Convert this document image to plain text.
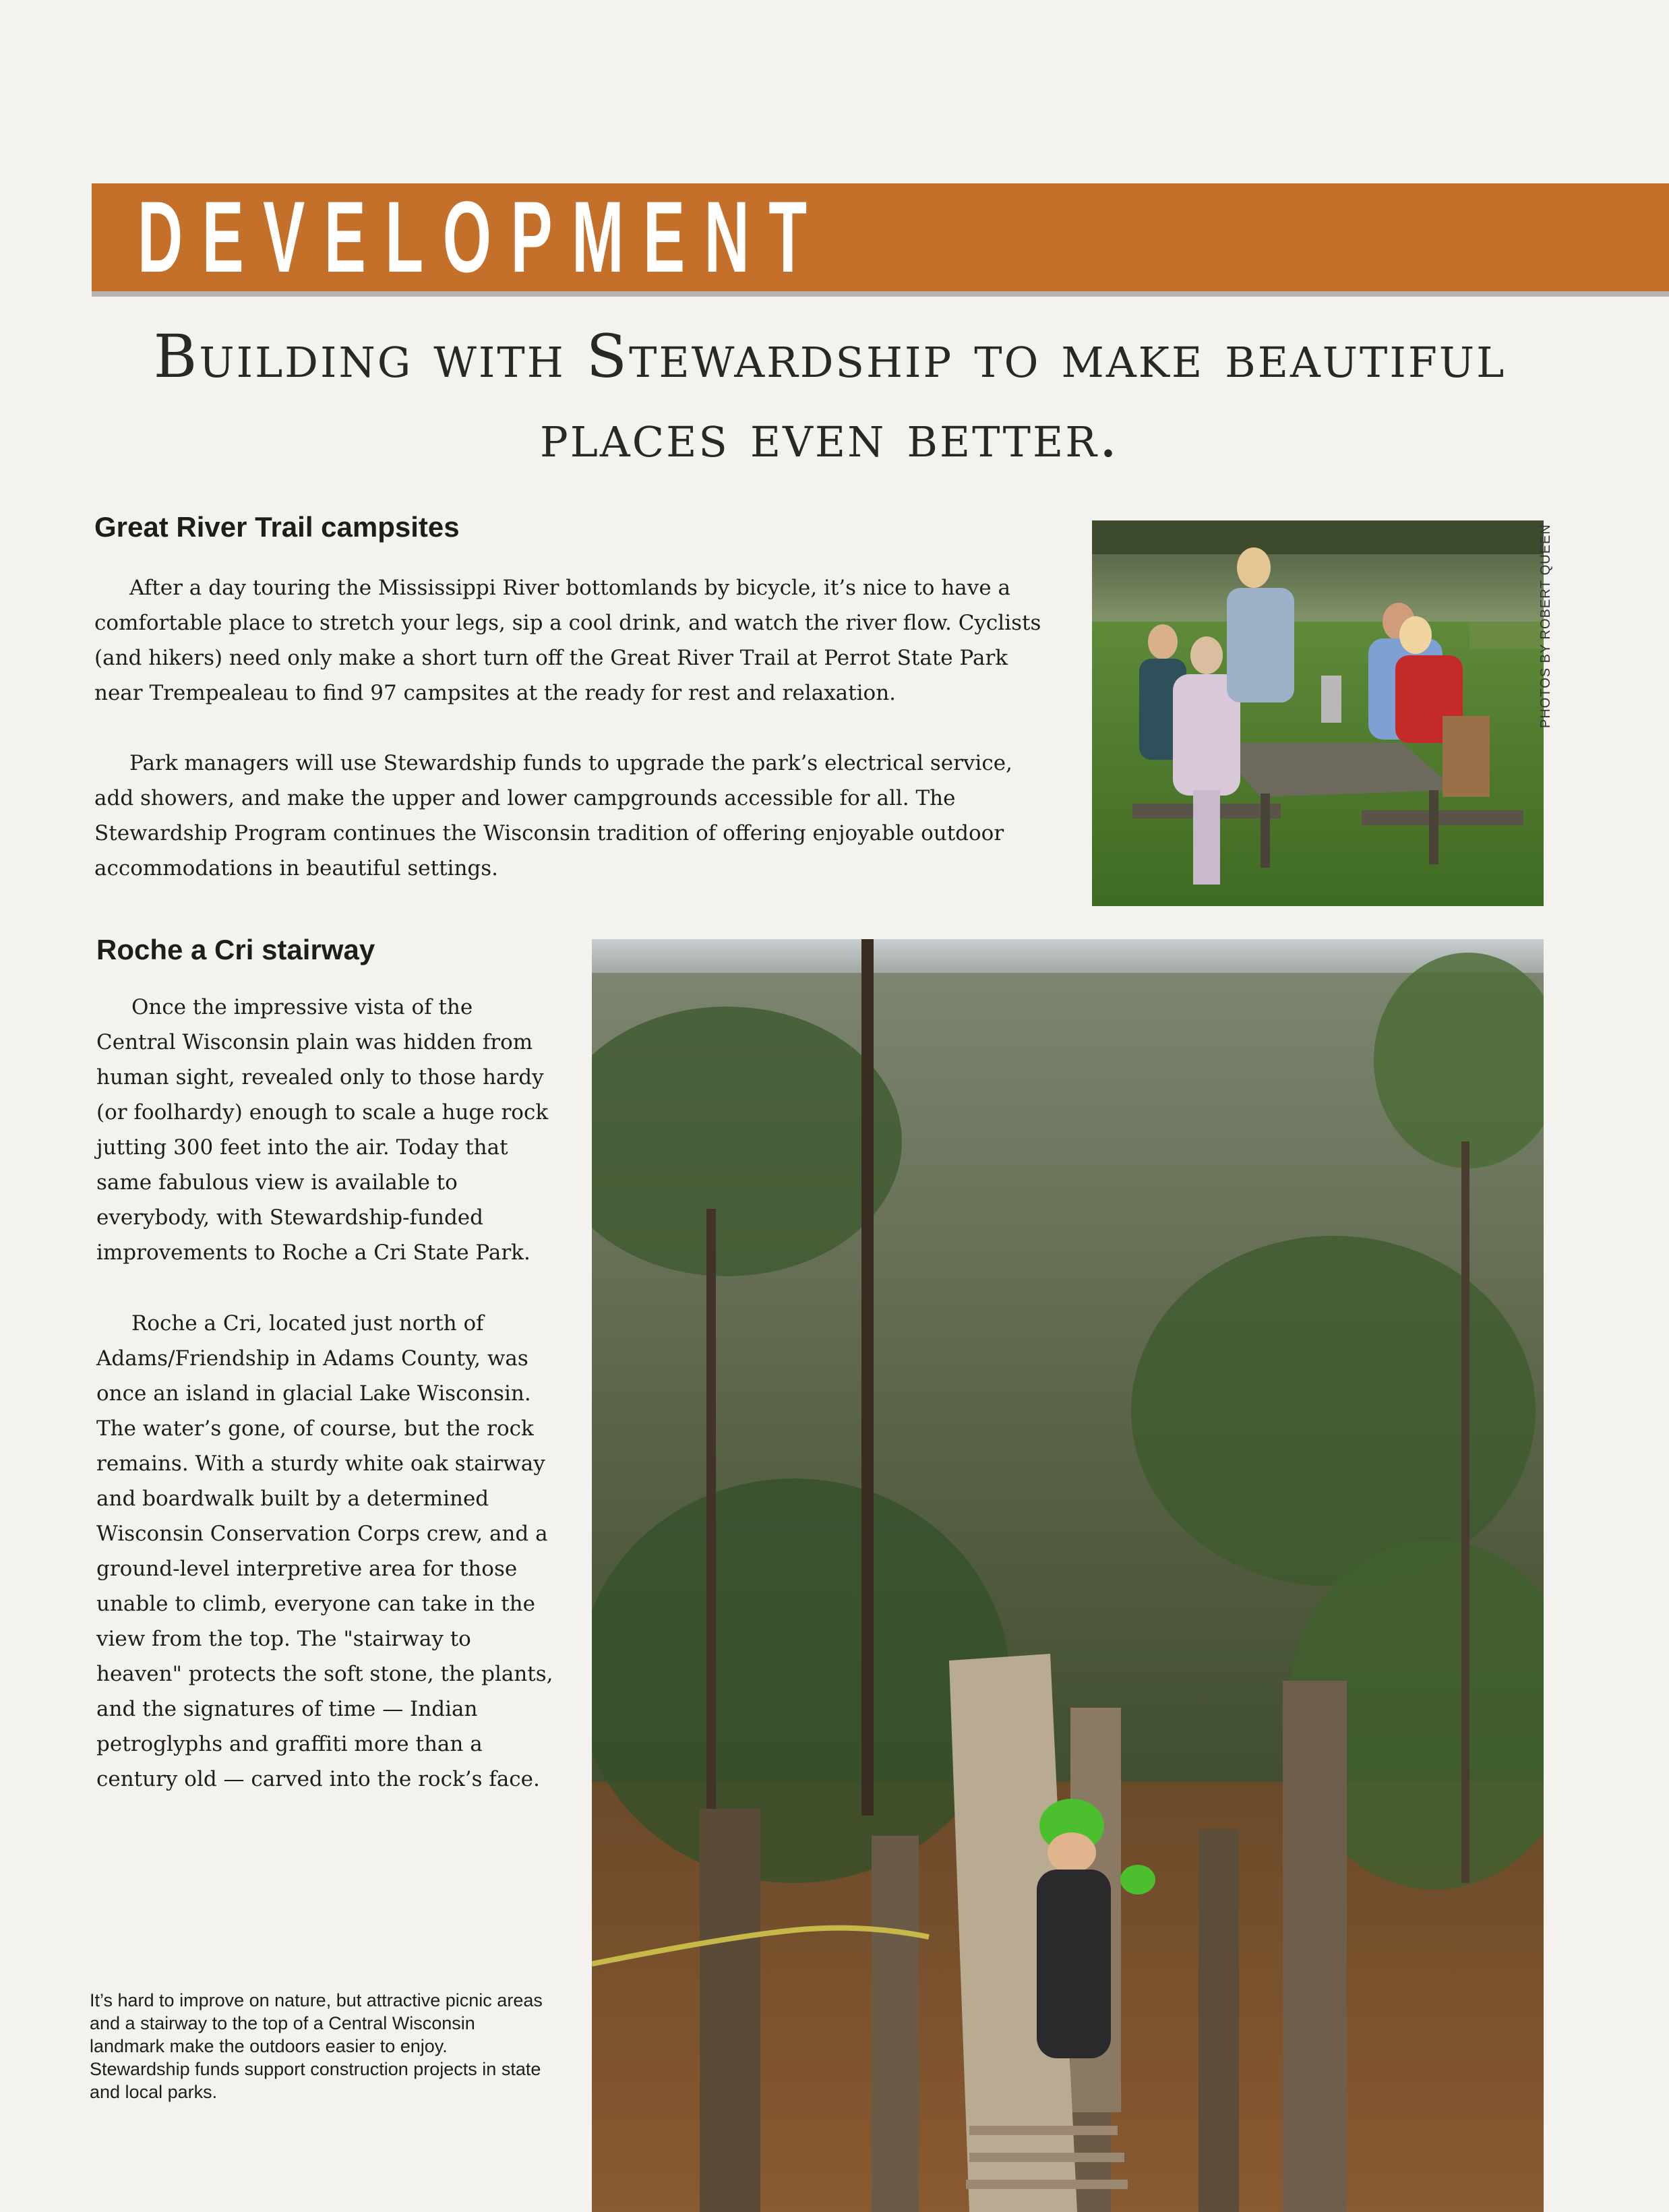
DEVELOPMENT
Building with Stewardship to make beautiful
places even better.
Great River Trail campsites

After a day touring the Mississippi River bottomlands by bicycle, it’s nice to have a comfortable place to stretch your legs, sip a cool drink, and watch the river flow. Cyclists (and hikers) need only make a short turn off the Great River Trail at Perrot State Park near Trempealeau to find 97 campsites at the ready for rest and relaxation.

Park managers will use Stewardship funds to upgrade the park’s electrical service, add showers, and make the upper and lower campgrounds accessible for all. The Stewardship Program continues the Wisconsin tradition of offering enjoyable outdoor accommodations in beautiful settings.

PHOTOS BY ROBERT QUEEN
Roche a Cri stairway

Once the impressive vista of the Central Wisconsin plain was hidden from human sight, revealed only to those hardy (or foolhardy) enough to scale a huge rock jutting 300 feet into the air. Today that same fabulous view is available to everybody, with Stewardship-funded improvements to Roche a Cri State Park.

Roche a Cri, located just north of Adams/Friendship in Adams County, was once an island in glacial Lake Wisconsin. The water’s gone, of course, but the rock remains. With a sturdy white oak stairway and boardwalk built by a determined Wisconsin Conservation Corps crew, and a ground-level interpretive area for those unable to climb, everyone can take in the view from the top. The "stairway to heaven" protects the soft stone, the plants, and the signatures of time — Indian petroglyphs and graffiti more than a century old — carved into the rock’s face.

It’s hard to improve on nature, but attractive picnic areas and a stairway to the top of a Central Wisconsin landmark make the outdoors easier to enjoy. Stewardship funds support construction projects in state and local parks.
